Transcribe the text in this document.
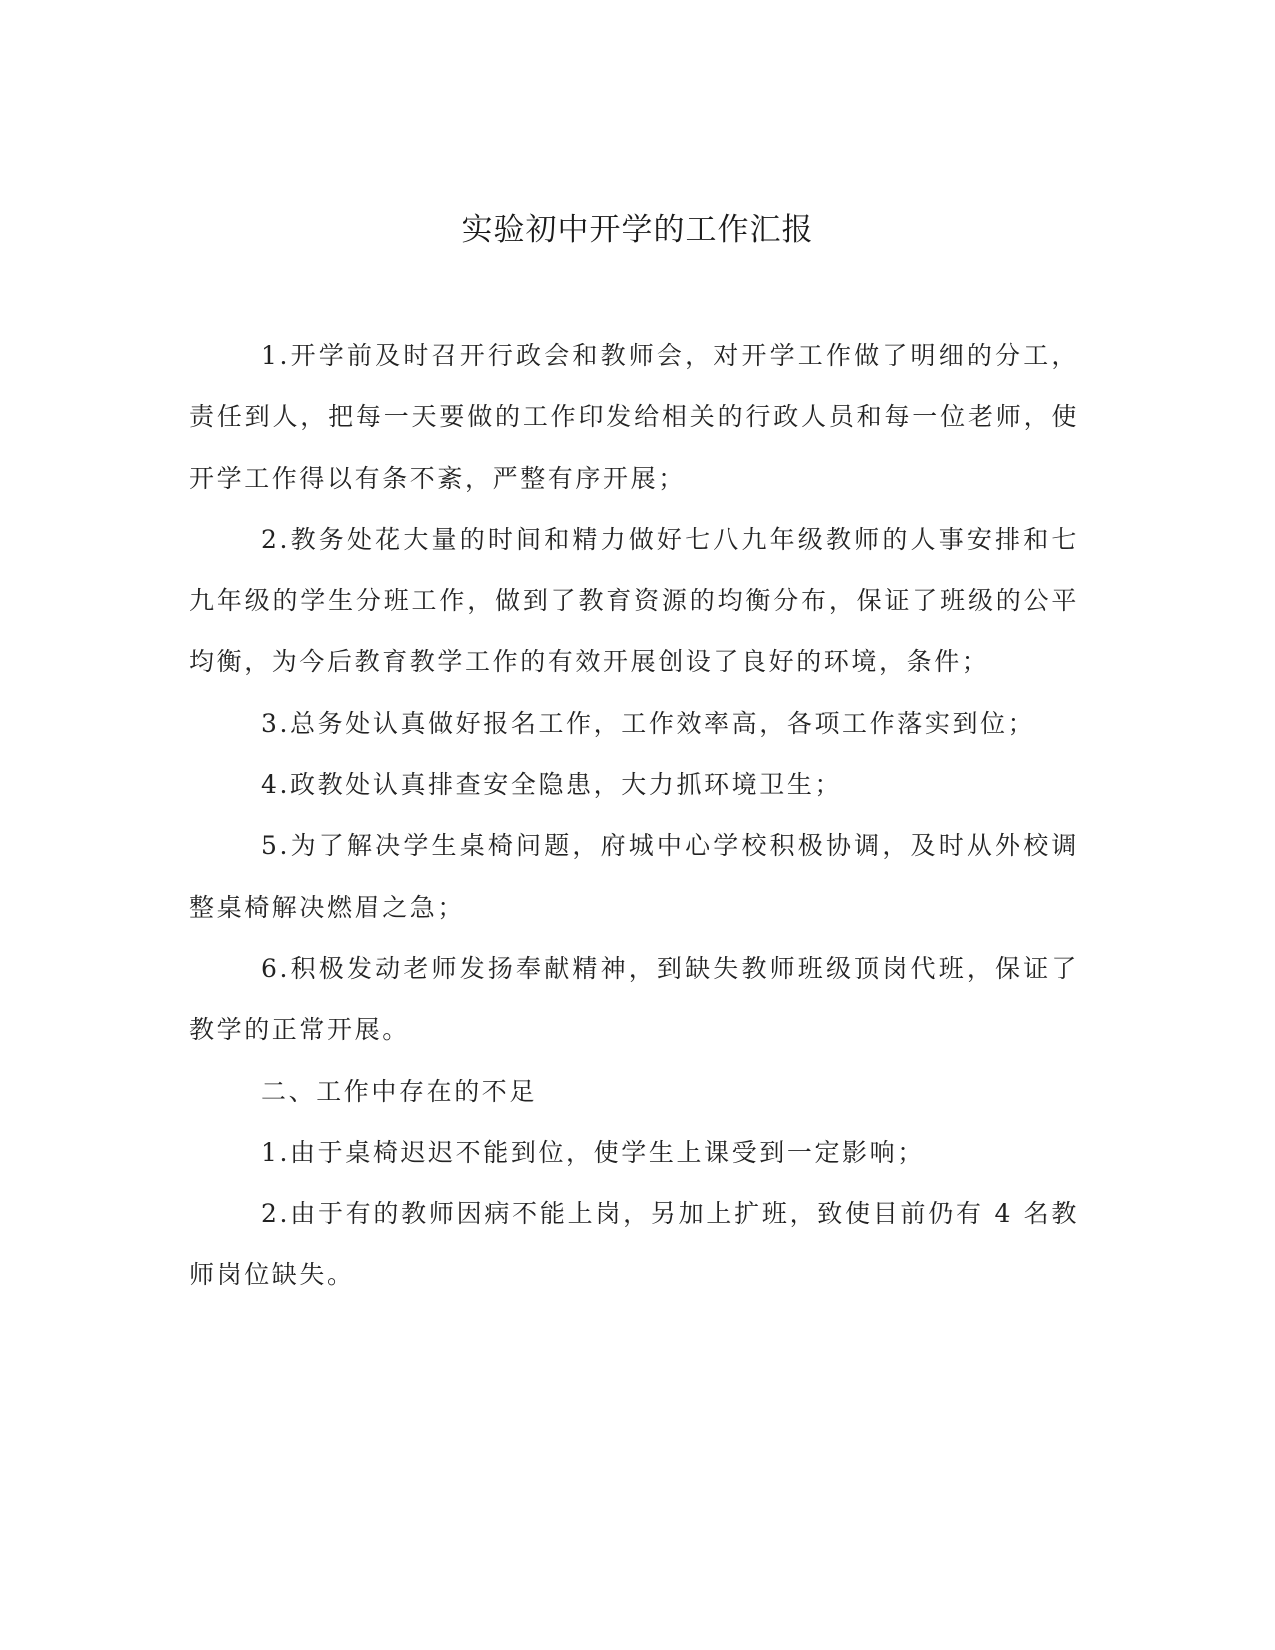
实验初中开学的工作汇报

1.开学前及时召开行政会和教师会，对开学工作做了明细的分工，责任到人，把每一天要做的工作印发给相关的行政人员和每一位老师，使开学工作得以有条不紊，严整有序开展；

2.教务处花大量的时间和精力做好七八九年级教师的人事安排和七九年级的学生分班工作，做到了教育资源的均衡分布，保证了班级的公平均衡，为今后教育教学工作的有效开展创设了良好的环境，条件；

3.总务处认真做好报名工作，工作效率高，各项工作落实到位；

4.政教处认真排查安全隐患，大力抓环境卫生；

5.为了解决学生桌椅问题，府城中心学校积极协调，及时从外校调整桌椅解决燃眉之急；

6.积极发动老师发扬奉献精神，到缺失教师班级顶岗代班，保证了教学的正常开展。

二、工作中存在的不足

1.由于桌椅迟迟不能到位，使学生上课受到一定影响；

2.由于有的教师因病不能上岗，另加上扩班，致使目前仍有 4 名教师岗位缺失。
